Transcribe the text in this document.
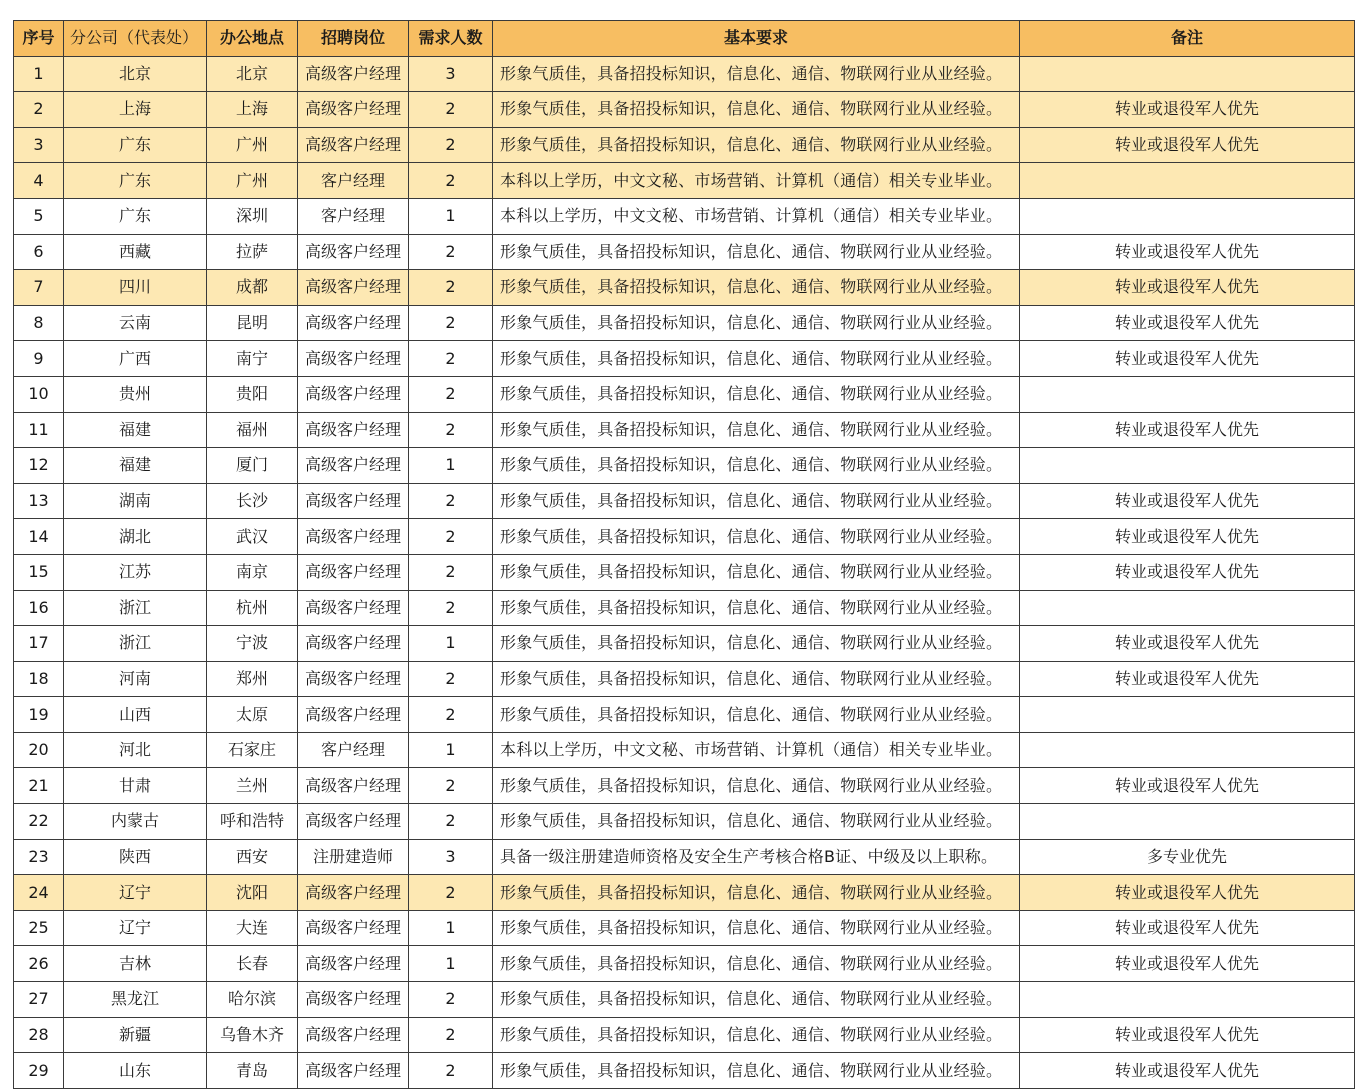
序号	分公司（代表处）	办公地点	招聘岗位	需求人数	基本要求	备注
1	北京	北京	高级客户经理	3	形象气质佳，具备招投标知识，信息化、通信、物联网行业从业经验。	
2	上海	上海	高级客户经理	2	形象气质佳，具备招投标知识，信息化、通信、物联网行业从业经验。	转业或退役军人优先
3	广东	广州	高级客户经理	2	形象气质佳，具备招投标知识，信息化、通信、物联网行业从业经验。	转业或退役军人优先
4	广东	广州	客户经理	2	本科以上学历，中文文秘、市场营销、计算机（通信）相关专业毕业。	
5	广东	深圳	客户经理	1	本科以上学历，中文文秘、市场营销、计算机（通信）相关专业毕业。	
6	西藏	拉萨	高级客户经理	2	形象气质佳，具备招投标知识，信息化、通信、物联网行业从业经验。	转业或退役军人优先
7	四川	成都	高级客户经理	2	形象气质佳，具备招投标知识，信息化、通信、物联网行业从业经验。	转业或退役军人优先
8	云南	昆明	高级客户经理	2	形象气质佳，具备招投标知识，信息化、通信、物联网行业从业经验。	转业或退役军人优先
9	广西	南宁	高级客户经理	2	形象气质佳，具备招投标知识，信息化、通信、物联网行业从业经验。	转业或退役军人优先
10	贵州	贵阳	高级客户经理	2	形象气质佳，具备招投标知识，信息化、通信、物联网行业从业经验。	
11	福建	福州	高级客户经理	2	形象气质佳，具备招投标知识，信息化、通信、物联网行业从业经验。	转业或退役军人优先
12	福建	厦门	高级客户经理	1	形象气质佳，具备招投标知识，信息化、通信、物联网行业从业经验。	
13	湖南	长沙	高级客户经理	2	形象气质佳，具备招投标知识，信息化、通信、物联网行业从业经验。	转业或退役军人优先
14	湖北	武汉	高级客户经理	2	形象气质佳，具备招投标知识，信息化、通信、物联网行业从业经验。	转业或退役军人优先
15	江苏	南京	高级客户经理	2	形象气质佳，具备招投标知识，信息化、通信、物联网行业从业经验。	转业或退役军人优先
16	浙江	杭州	高级客户经理	2	形象气质佳，具备招投标知识，信息化、通信、物联网行业从业经验。	
17	浙江	宁波	高级客户经理	1	形象气质佳，具备招投标知识，信息化、通信、物联网行业从业经验。	转业或退役军人优先
18	河南	郑州	高级客户经理	2	形象气质佳，具备招投标知识，信息化、通信、物联网行业从业经验。	转业或退役军人优先
19	山西	太原	高级客户经理	2	形象气质佳，具备招投标知识，信息化、通信、物联网行业从业经验。	
20	河北	石家庄	客户经理	1	本科以上学历，中文文秘、市场营销、计算机（通信）相关专业毕业。	
21	甘肃	兰州	高级客户经理	2	形象气质佳，具备招投标知识，信息化、通信、物联网行业从业经验。	转业或退役军人优先
22	内蒙古	呼和浩特	高级客户经理	2	形象气质佳，具备招投标知识，信息化、通信、物联网行业从业经验。	
23	陕西	西安	注册建造师	3	具备一级注册建造师资格及安全生产考核合格B证、中级及以上职称。	多专业优先
24	辽宁	沈阳	高级客户经理	2	形象气质佳，具备招投标知识，信息化、通信、物联网行业从业经验。	转业或退役军人优先
25	辽宁	大连	高级客户经理	1	形象气质佳，具备招投标知识，信息化、通信、物联网行业从业经验。	转业或退役军人优先
26	吉林	长春	高级客户经理	1	形象气质佳，具备招投标知识，信息化、通信、物联网行业从业经验。	转业或退役军人优先
27	黑龙江	哈尔滨	高级客户经理	2	形象气质佳，具备招投标知识，信息化、通信、物联网行业从业经验。	
28	新疆	乌鲁木齐	高级客户经理	2	形象气质佳，具备招投标知识，信息化、通信、物联网行业从业经验。	转业或退役军人优先
29	山东	青岛	高级客户经理	2	形象气质佳，具备招投标知识，信息化、通信、物联网行业从业经验。	转业或退役军人优先
